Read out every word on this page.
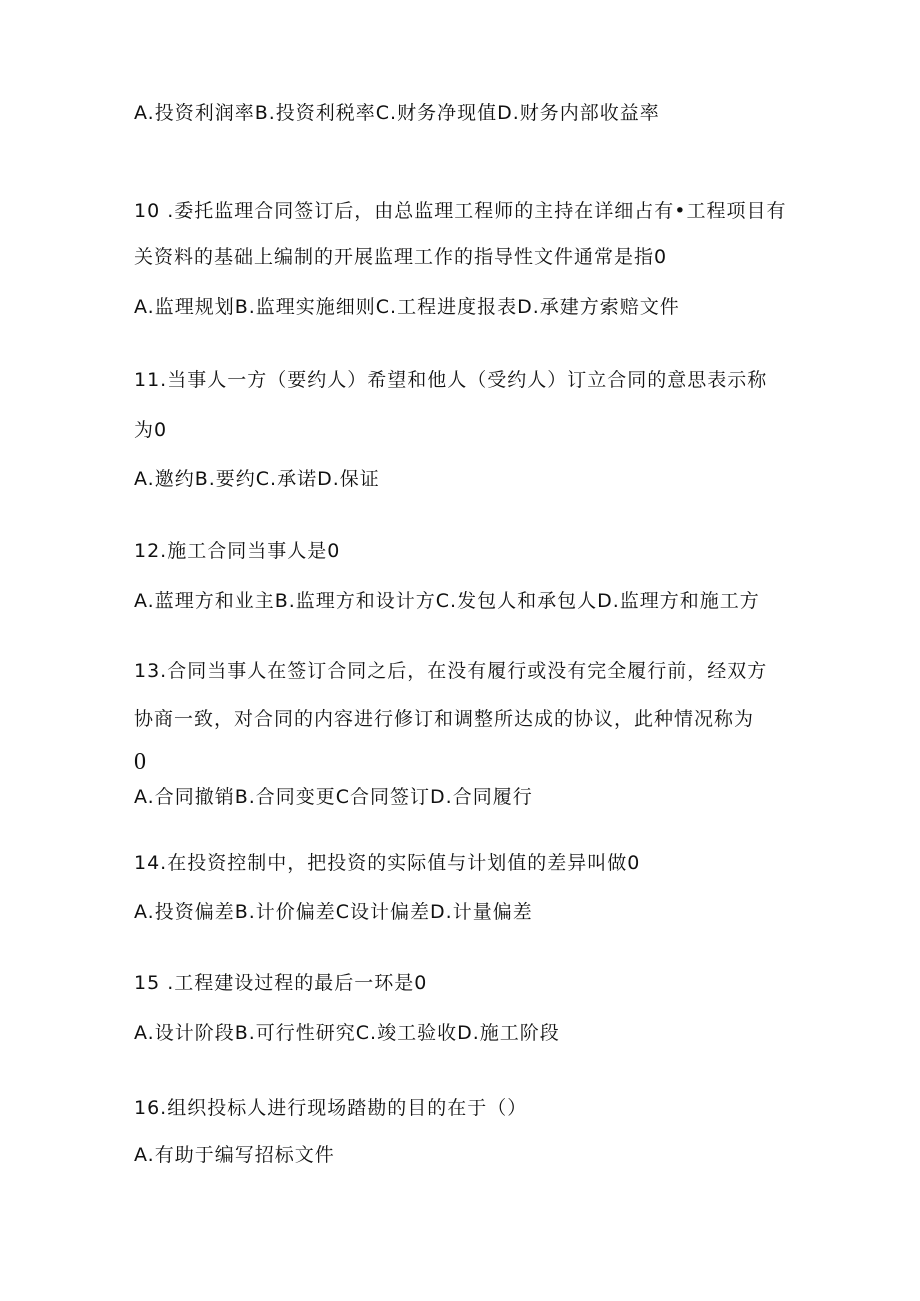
A.投资利润率B.投资利税率C.财务净现值D.财务内部收益率
10 .委托监理合同签订后，由总监理工程师的主持在详细占有•工程项目有
关资料的基础上编制的开展监理工作的指导性文件通常是指0
A.监理规划B.监理实施细则C.工程进度报表D.承建方索赔文件
11.当事人一方（要约人）希望和他人（受约人）订立合同的意思表示称
为0
A.邀约B.要约C.承诺D.保证
12.施工合同当事人是0
A.蓝理方和业主B.监理方和设计方C.发包人和承包人D.监理方和施工方
13.合同当事人在签订合同之后，在没有履行或没有完全履行前，经双方
协商一致，对合同的内容进行修订和调整所达成的协议，此种情况称为
0
A.合同撤销B.合同变更C合同签订D.合同履行
14.在投资控制中，把投资的实际值与计划值的差异叫做0
A.投资偏差B.计价偏差C设计偏差D.计量偏差
15 .工程建设过程的最后一环是0
A.设计阶段B.可行性研究C.竣工验收D.施工阶段
16.组织投标人进行现场踏勘的目的在于（）
A.有助于编写招标文件
